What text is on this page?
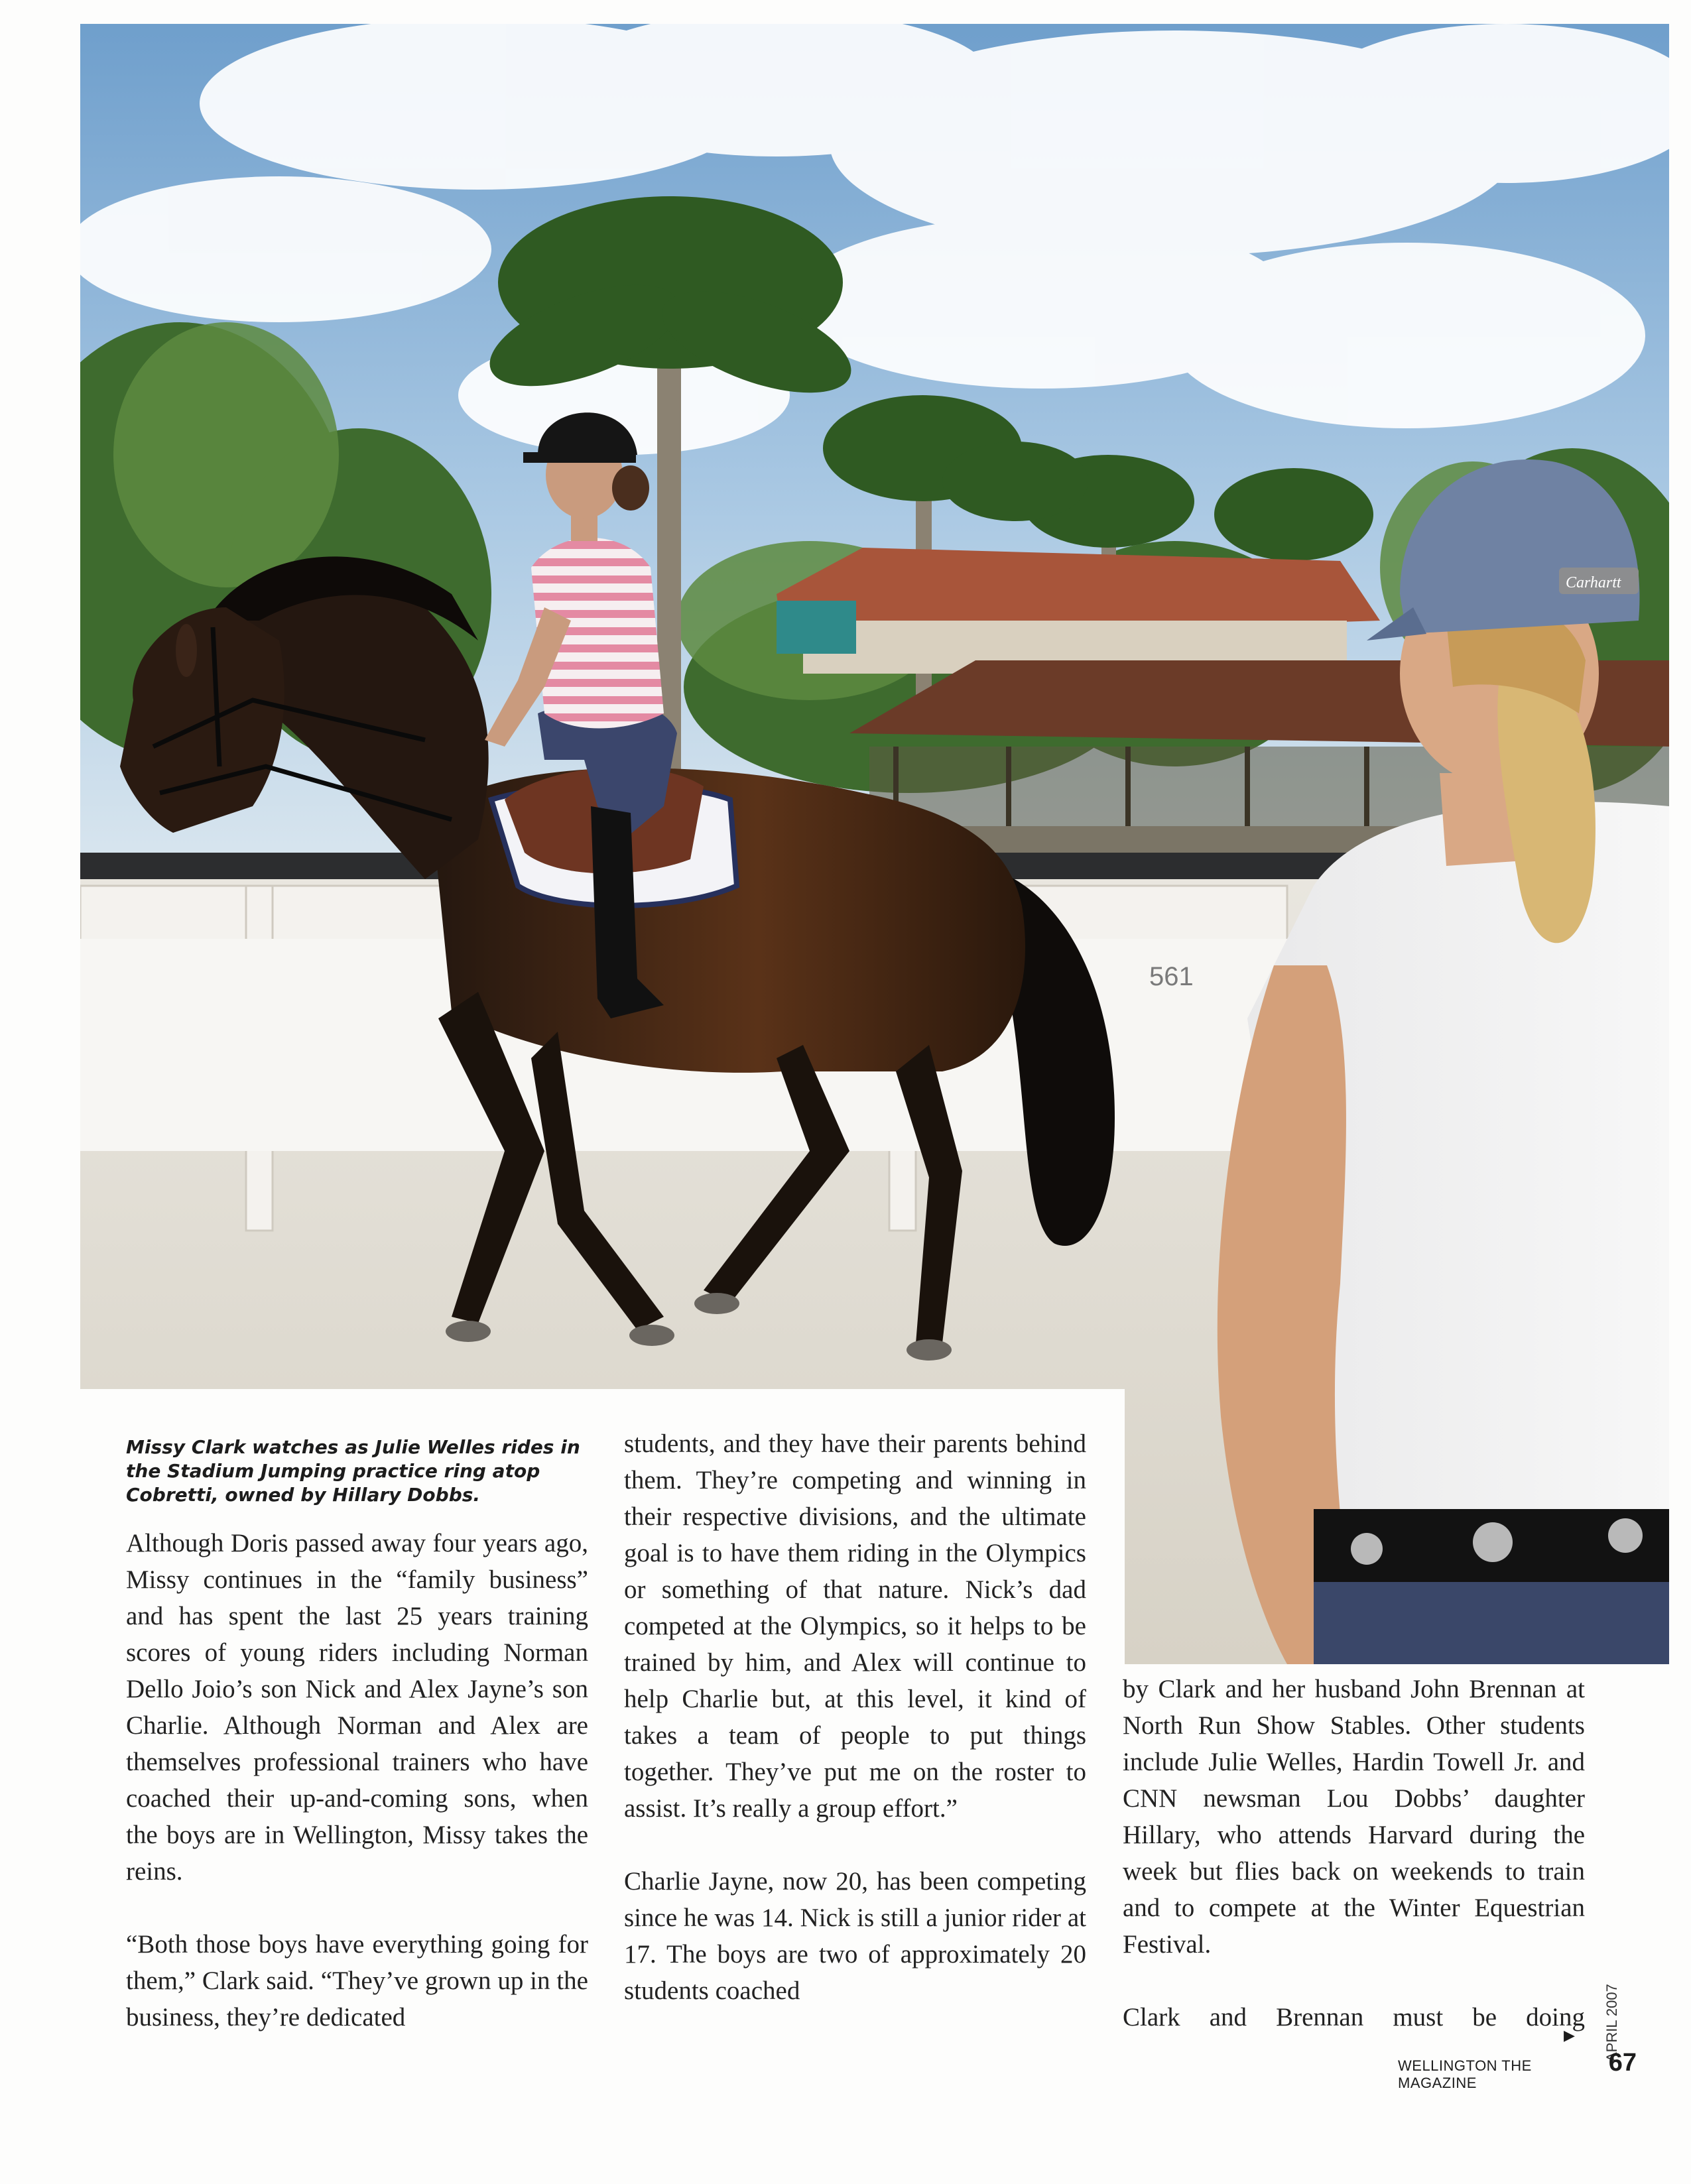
561
Carhartt

Missy Clark watches as Julie Welles rides in the Stadium Jumping practice ring atop Cobretti, owned by Hillary Dobbs.

Although Doris passed away four years ago, Missy continues in the “family business” and has spent the last 25 years training scores of young riders including Norman Dello Joio’s son Nick and Alex Jayne’s son Charlie. Although Norman and Alex are themselves professional trainers who have coached their up-and-coming sons, when the boys are in Wellington, Missy takes the reins.

“Both those boys have everything going for them,” Clark said. “They’ve grown up in the business, they’re dedicated

students, and they have their parents behind them. They’re competing and winning in their respective divisions, and the ultimate goal is to have them riding in the Olympics or something of that nature. Nick’s dad competed at the Olympics, so it helps to be trained by him, and Alex will continue to help Charlie but, at this level, it kind of takes a team of people to put things together. They’ve put me on the roster to assist. It’s really a group effort.”

Charlie Jayne, now 20, has been competing since he was 14. Nick is still a junior rider at 17. The boys are two of approximately 20 students coached

by Clark and her husband John Brennan at North Run Show Stables. Other students include Julie Welles, Hardin Towell Jr. and CNN newsman Lou Dobbs’ daughter Hillary, who attends Harvard during the week but flies back on weekends to train and to compete at the Winter Equestrian Festival.

Clark and Brennan must be doing APRIL 2007
▶
WELLINGTON THE MAGAZINE
67
